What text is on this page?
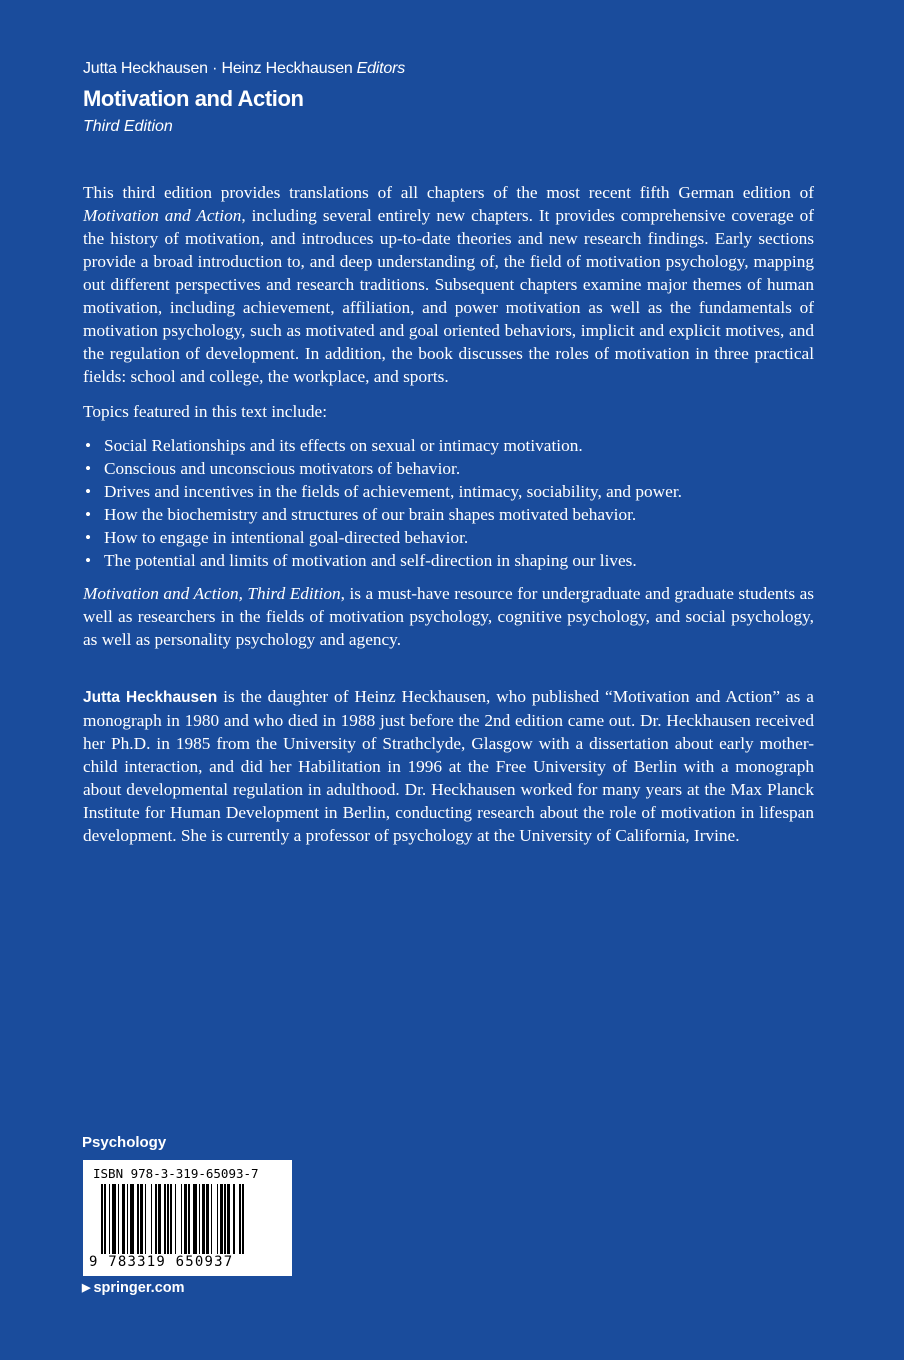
Jutta Heckhausen · Heinz Heckhausen Editors
Motivation and Action
Third Edition
This third edition provides translations of all chapters of the most recent fifth German edition of Motivation and Action, including several entirely new chapters. It provides comprehensive coverage of the history of motivation, and introduces up-to-date theories and new research findings. Early sections provide a broad introduction to, and deep understanding of, the field of motivation psychology, mapping out different perspectives and research traditions. Subsequent chapters examine major themes of human motivation, including achievement, affiliation, and power motivation as well as the fundamentals of motivation psychology, such as motivated and goal oriented behaviors, implicit and explicit motives, and the regulation of development. In addition, the book discusses the roles of motivation in three practical fields: school and college, the workplace, and sports.
Topics featured in this text include:
• Social Relationships and its effects on sexual or intimacy motivation.
• Conscious and unconscious motivators of behavior.
• Drives and incentives in the fields of achievement, intimacy, sociability, and power.
• How the biochemistry and structures of our brain shapes motivated behavior.
• How to engage in intentional goal-directed behavior.
• The potential and limits of motivation and self-direction in shaping our lives.
Motivation and Action, Third Edition, is a must-have resource for undergraduate and graduate students as well as researchers in the fields of motivation psychology, cognitive psychology, and social psychology, as well as personality psychology and agency.
Jutta Heckhausen is the daughter of Heinz Heckhausen, who published “Motivation and Action” as a monograph in 1980 and who died in 1988 just before the 2nd edition came out. Dr. Heckhausen received her Ph.D. in 1985 from the University of Strathclyde, Glasgow with a dissertation about early mother-child interaction, and did her Habilitation in 1996 at the Free University of Berlin with a monograph about developmental regulation in adulthood. Dr. Heckhausen worked for many years at the Max Planck Institute for Human Development in Berlin, conducting research about the role of motivation in lifespan development. She is currently a professor of psychology at the University of California, Irvine.
Psychology
ISBN 978-3-319-65093-7
9 783319 650937
▶ springer.com
